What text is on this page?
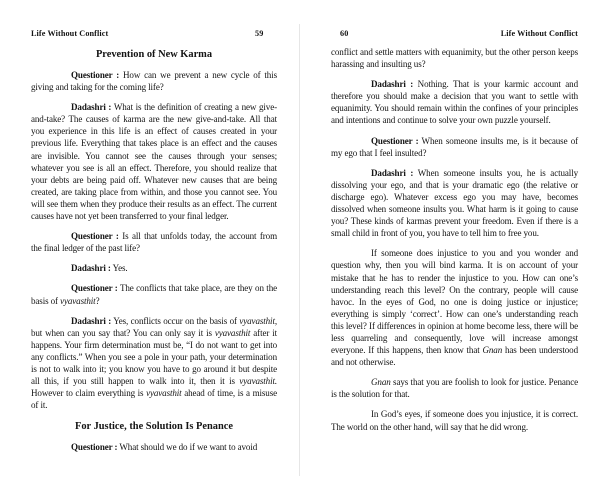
Life Without Conflict	59
Prevention of New Karma

Questioner : How can we prevent a new cycle of this giving and taking for the coming life?

Dadashri : What is the definition of creating a new give-and-take? The causes of karma are the new give-and-take. All that you experience in this life is an effect of causes created in your previous life. Everything that takes place is an effect and the causes are invisible. You cannot see the causes through your senses; whatever you see is all an effect. Therefore, you should realize that your debts are being paid off. Whatever new causes that are being created, are taking place from within, and those you cannot see. You will see them when they produce their results as an effect. The current causes have not yet been transferred to your final ledger.

Questioner : Is all that unfolds today, the account from the final ledger of the past life?

Dadashri : Yes.

Questioner : The conflicts that take place, are they on the basis of vyavasthit?

Dadashri : Yes, conflicts occur on the basis of vyavasthit, but when can you say that? You can only say it is vyavasthit after it happens. Your firm determination must be, “I do not want to get into any conflicts.” When you see a pole in your path, your determination is not to walk into it; you know you have to go around it but despite all this, if you still happen to walk into it, then it is vyavasthit. However to claim everything is vyavasthit ahead of time, is a misuse of it.

For Justice, the Solution Is Penance

Questioner : What should we do if we want to avoid

60	Life Without Conflict

conflict and settle matters with equanimity, but the other person keeps harassing and insulting us?

Dadashri : Nothing. That is your karmic account and therefore you should make a decision that you want to settle with equanimity. You should remain within the confines of your principles and intentions and continue to solve your own puzzle yourself.

Questioner : When someone insults me, is it because of my ego that I feel insulted?

Dadashri : When someone insults you, he is actually dissolving your ego, and that is your dramatic ego (the relative or discharge ego). Whatever excess ego you may have, becomes dissolved when someone insults you. What harm is it going to cause you? These kinds of karmas prevent your freedom. Even if there is a small child in front of you, you have to tell him to free you.

If someone does injustice to you and you wonder and question why, then you will bind karma. It is on account of your mistake that he has to render the injustice to you. How can one’s understanding reach this level? On the contrary, people will cause havoc. In the eyes of God, no one is doing justice or injustice; everything is simply ‘correct’. How can one’s understanding reach this level? If differences in opinion at home become less, there will be less quarreling and consequently, love will increase amongst everyone. If this happens, then know that Gnan has been understood and not otherwise.

Gnan says that you are foolish to look for justice. Penance is the solution for that.

In God’s eyes, if someone does you injustice, it is correct. The world on the other hand, will say that he did wrong.
